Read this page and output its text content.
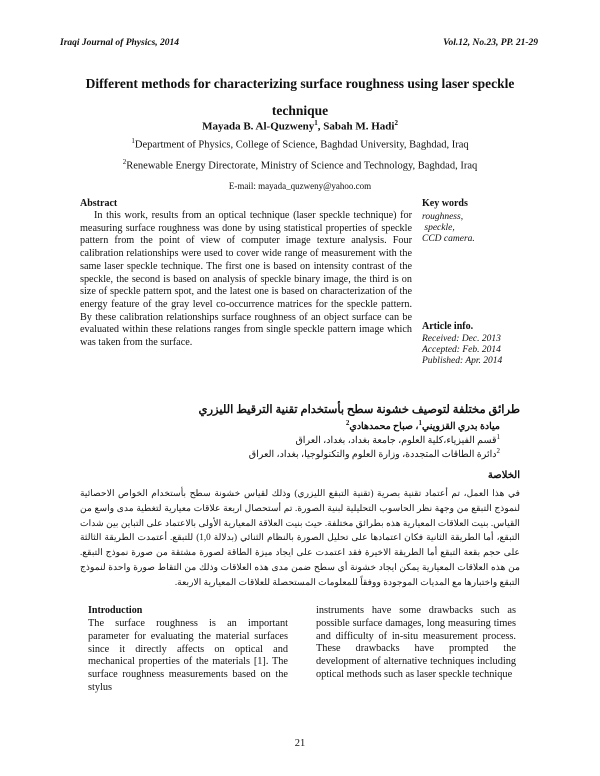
Iraqi Journal of Physics, 2014	Vol.12, No.23, PP. 21-29
Different methods for characterizing surface roughness using laser speckle technique
Mayada B. Al-Quzweny$^1$, Sabah M. Hadi$^2$
$^1$Department of Physics, College of Science, Baghdad University, Baghdad, Iraq
$^2$Renewable Energy Directorate, Ministry of Science and Technology, Baghdad, Iraq
E-mail: mayada_quzweny@yahoo.com
Abstract
In this work, results from an optical technique (laser speckle technique) for measuring surface roughness was done by using statistical properties of speckle pattern from the point of view of computer image texture analysis. Four calibration relationships were used to cover wide range of measurement with the same laser speckle technique. The first one is based on intensity contrast of the speckle, the second is based on analysis of speckle binary image, the third is on size of speckle pattern spot, and the latest one is based on characterization of the energy feature of the gray level co-occurrence matrices for the speckle pattern. By these calibration relationships surface roughness of an object surface can be evaluated within these relations ranges from single speckle pattern image which was taken from the surface.
Key words
roughness,
speckle,
CCD camera.
Article info.
Received: Dec. 2013
Accepted: Feb. 2014
Published: Apr. 2014
طرائق مختلفة لتوصيف خشونة سطح بأستخدام تقنية الترقيط الليزري
ميادة بدري القزويني$^1$، صباح محمدهادي$^2$
$^1$قسم الفيزياء،كلية العلوم، جامعة بغداد، بغداد، العراق
$^2$دائرة الطاقات المتجددة، وزارة العلوم والتكنولوجيا، بغداد، العراق
الخلاصة
في هذا العمل، تم أعتماد تقنية بصرية (تقنية التبقع الليزري) وذلك لقياس خشونة سطح بأستخدام الخواص الاحصائية لنموذج التبقع من وجهة نظر الحاسوب التحليلية لبنية الصورة. تم أستحصال اربعة علاقات معيارية لتغطية مدى واسع من القياس. بنيت العلاقات المعيارية هذه بطرائق مختلفة. حيث بنيت العلاقة المعيارية الأولى بالاعتماد على التباين بين شدات التبقع، أما الطريقة الثانية فكان اعتمادها على تحليل الصورة بالنظام الثنائي (بدلالة 1,0) للتبقع. أعتمدت الطريقة الثالثة على حجم بقعة التبقع أما الطريقة الاخيرة فقد اعتمدت على ايجاد ميزة الطاقة لصورة مشتقة من صورة نموذج التبقع. من هذه العلاقات المعيارية يمكن ايجاد خشونة أي سطح ضمن مدى هذه العلاقات وذلك من التقاط صورة واحدة لنموذج التبقع واختبارها مع المديات الموجودة ووفقاً للمعلومات المستحصلة للعلاقات المعيارية الاربعة.
Introduction
The surface roughness is an important parameter for evaluating the material surfaces since it directly affects on optical and mechanical properties of the materials [1]. The surface roughness measurements based on the stylus
instruments have some drawbacks such as possible surface damages, long measuring times and difficulty of in-situ measurement process. These drawbacks have prompted the development of alternative techniques including optical methods such as laser speckle technique
21
